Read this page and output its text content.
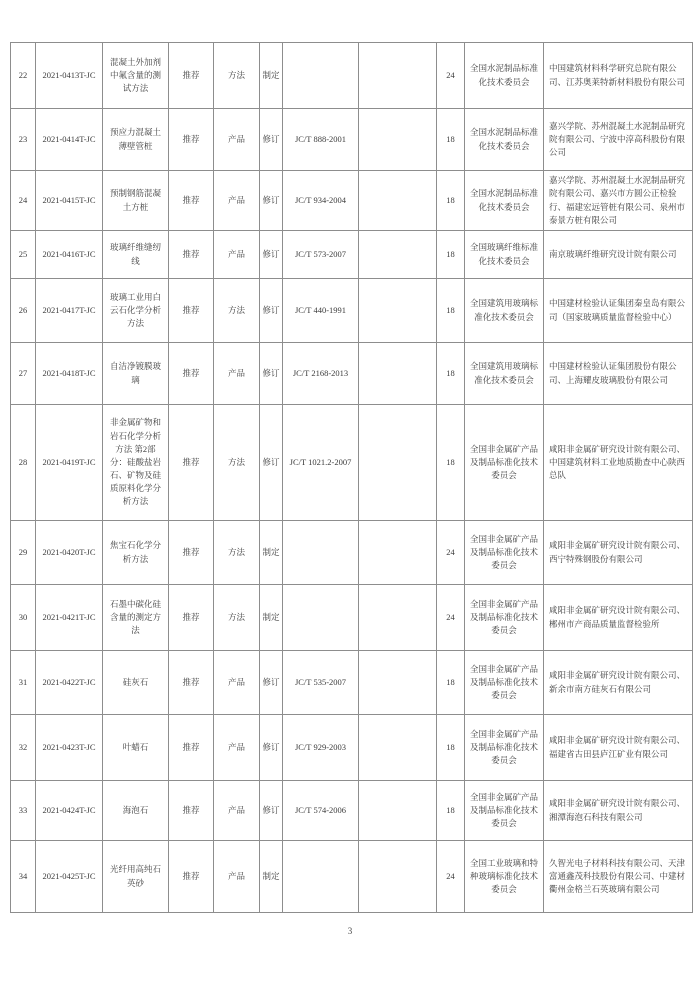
22	2021-0413T-JC	混凝土外加剂中氟含量的测试方法	推荐	方法	制定			24	全国水泥制品标准化技术委员会	中国建筑材料科学研究总院有限公司、江苏奥莱特新材料股份有限公司
23	2021-0414T-JC	预应力混凝土薄壁管桩	推荐	产品	修订	JC/T 888-2001		18	全国水泥制品标准化技术委员会	嘉兴学院、苏州混凝土水泥制品研究院有限公司、宁波中淳高科股份有限公司
24	2021-0415T-JC	预制钢筋混凝土方桩	推荐	产品	修订	JC/T 934-2004		18	全国水泥制品标准化技术委员会	嘉兴学院、苏州混凝土水泥制品研究院有限公司、嘉兴市方圆公正检验行、福建宏远管桩有限公司、泉州市泰景方桩有限公司
25	2021-0416T-JC	玻璃纤维缝纫线	推荐	产品	修订	JC/T 573-2007		18	全国玻璃纤维标准化技术委员会	南京玻璃纤维研究设计院有限公司
26	2021-0417T-JC	玻璃工业用白云石化学分析方法	推荐	方法	修订	JC/T 440-1991		18	全国建筑用玻璃标准化技术委员会	中国建材检验认证集团秦皇岛有限公司（国家玻璃质量监督检验中心）
27	2021-0418T-JC	自洁净镀膜玻璃	推荐	产品	修订	JC/T 2168-2013		18	全国建筑用玻璃标准化技术委员会	中国建材检验认证集团股份有限公司、上海耀皮玻璃股份有限公司
28	2021-0419T-JC	非金属矿物和岩石化学分析方法 第2部分：硅酸盐岩石、矿物及硅质原料化学分析方法	推荐	方法	修订	JC/T 1021.2-2007		18	全国非金属矿产品及制品标准化技术委员会	咸阳非金属矿研究设计院有限公司、中国建筑材料工业地质勘查中心陕西总队
29	2021-0420T-JC	焦宝石化学分析方法	推荐	方法	制定			24	全国非金属矿产品及制品标准化技术委员会	咸阳非金属矿研究设计院有限公司、西宁特殊钢股份有限公司
30	2021-0421T-JC	石墨中碳化硅含量的测定方法	推荐	方法	制定			24	全国非金属矿产品及制品标准化技术委员会	咸阳非金属矿研究设计院有限公司、郴州市产商品质量监督检验所
31	2021-0422T-JC	硅灰石	推荐	产品	修订	JC/T 535-2007		18	全国非金属矿产品及制品标准化技术委员会	咸阳非金属矿研究设计院有限公司、新余市南方硅灰石有限公司
32	2021-0423T-JC	叶蜡石	推荐	产品	修订	JC/T 929-2003		18	全国非金属矿产品及制品标准化技术委员会	咸阳非金属矿研究设计院有限公司、福建省古田县庐江矿业有限公司
33	2021-0424T-JC	海泡石	推荐	产品	修订	JC/T 574-2006		18	全国非金属矿产品及制品标准化技术委员会	咸阳非金属矿研究设计院有限公司、湘潭海泡石科技有限公司
34	2021-0425T-JC	光纤用高纯石英砂	推荐	产品	制定			24	全国工业玻璃和特种玻璃标准化技术委员会	久智光电子材料科技有限公司、天津富通鑫茂科技股份有限公司、中建材衢州金格兰石英玻璃有限公司
3
